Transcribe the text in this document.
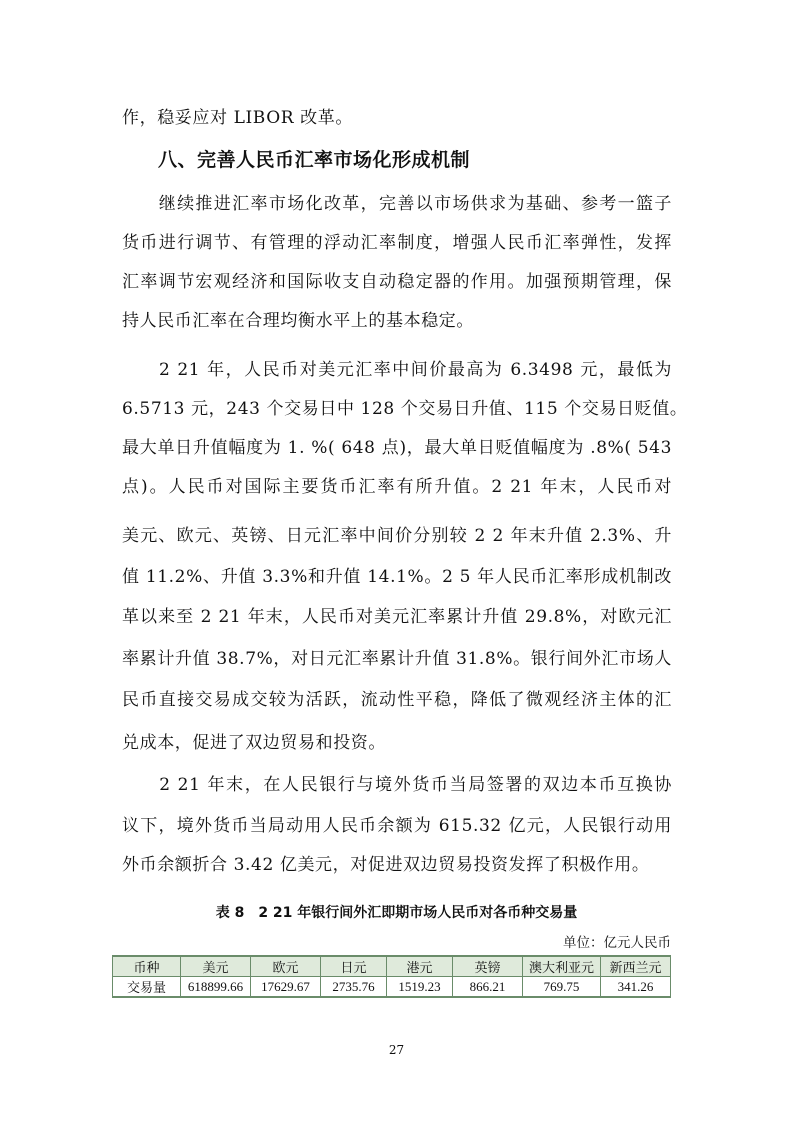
作，稳妥应对 LIBOR 改革。
八、完善人民币汇率市场化形成机制
　　继续推进汇率市场化改革，完善以市场供求为基础、参考一篮子
货币进行调节、有管理的浮动汇率制度，增强人民币汇率弹性，发挥
汇率调节宏观经济和国际收支自动稳定器的作用。加强预期管理，保
持人民币汇率在合理均衡水平上的基本稳定。
　　2 21 年，人民币对美元汇率中间价最高为 6.3498 元，最低为
6.5713 元，243 个交易日中 128 个交易日升值、115 个交易日贬值。
最大单日升值幅度为 1. %( 648 点)，最大单日贬值幅度为 .8%( 543
点)。人民币对国际主要货币汇率有所升值。2 21 年末，人民币对
美元、欧元、英镑、日元汇率中间价分别较 2 2 年末升值 2.3%、升
值 11.2%、升值 3.3%和升值 14.1%。2 5 年人民币汇率形成机制改
革以来至 2 21 年末，人民币对美元汇率累计升值 29.8%，对欧元汇
率累计升值 38.7%，对日元汇率累计升值 31.8%。银行间外汇市场人
民币直接交易成交较为活跃，流动性平稳，降低了微观经济主体的汇
兑成本，促进了双边贸易和投资。
　　2 21 年末，在人民银行与境外货币当局签署的双边本币互换协
议下，境外货币当局动用人民币余额为 615.32 亿元，人民银行动用
外币余额折合 3.42 亿美元，对促进双边贸易投资发挥了积极作用。
表 8　2 21 年银行间外汇即期市场人民币对各币种交易量
单位：亿元人民币
币种	美元	欧元	日元	港元	英镑	澳大利亚元	新西兰元
交易量	618899.66	17629.67	2735.76	1519.23	866.21	769.75	341.26
27
